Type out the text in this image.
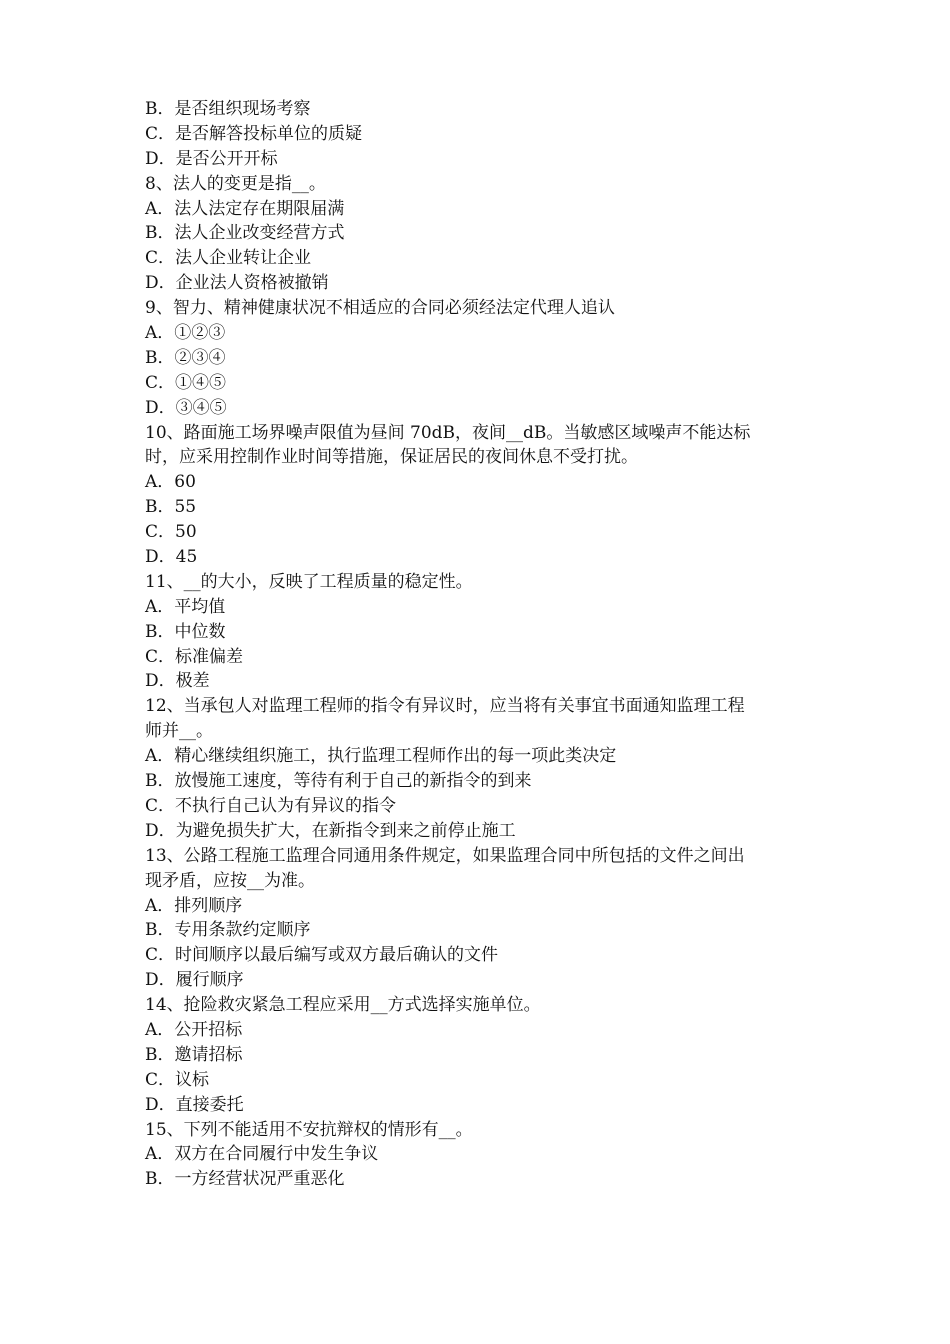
B．是否组织现场考察
C．是否解答投标单位的质疑
D．是否公开开标
8、法人的变更是指__。
A．法人法定存在期限届满
B．法人企业改变经营方式
C．法人企业转让企业
D．企业法人资格被撤销
9、智力、精神健康状况不相适应的合同必须经法定代理人追认
A．①②③
B．②③④
C．①④⑤
D．③④⑤
10、路面施工场界噪声限值为昼间 70dB，夜间__dB。当敏感区域噪声不能达标
时，应采用控制作业时间等措施，保证居民的夜间休息不受打扰。
A．60
B．55
C．50
D．45
11、__的大小，反映了工程质量的稳定性。
A．平均值
B．中位数
C．标准偏差
D．极差
12、当承包人对监理工程师的指令有异议时，应当将有关事宜书面通知监理工程
师并__。
A．精心继续组织施工，执行监理工程师作出的每一项此类决定
B．放慢施工速度，等待有利于自己的新指令的到来
C．不执行自己认为有异议的指令
D．为避免损失扩大，在新指令到来之前停止施工
13、公路工程施工监理合同通用条件规定，如果监理合同中所包括的文件之间出
现矛盾，应按__为准。
A．排列顺序
B．专用条款约定顺序
C．时间顺序以最后编写或双方最后确认的文件
D．履行顺序
14、抢险救灾紧急工程应采用__方式选择实施单位。
A．公开招标
B．邀请招标
C．议标
D．直接委托
15、下列不能适用不安抗辩权的情形有__。
A．双方在合同履行中发生争议
B．一方经营状况严重恶化
